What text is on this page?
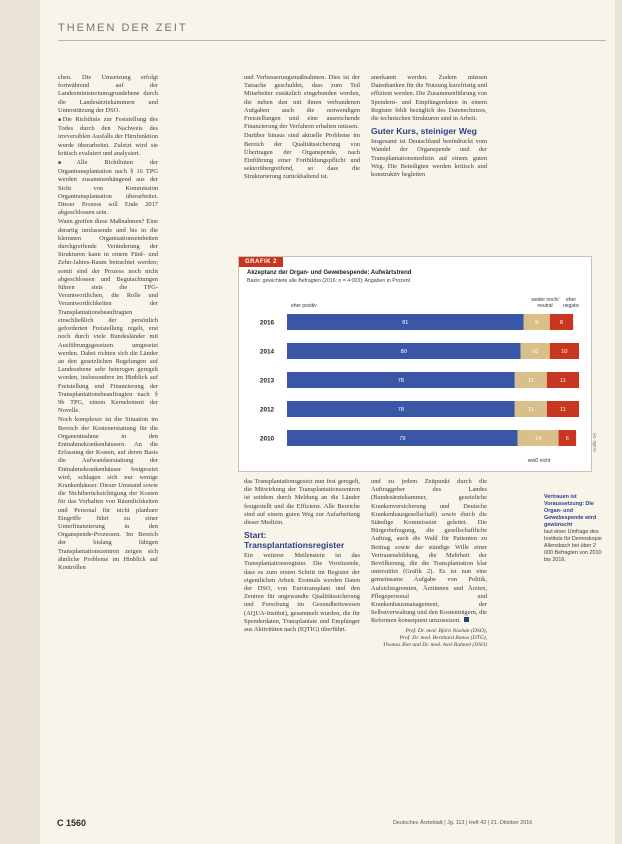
THEMEN DER ZEIT

chen. Die Umsetzung erfolgt fortwährend auf der Landesministeriumsgrundebene durch die Landesärztekammern und Unterstützung der DSO.

■ Die Richtlinie zur Feststellung des Todes durch den Nachweis des irreversiblen Ausfalls der Hirnfunktion wurde überarbeitet. Zuletzt wird sie kritisch evaluiert und analysiert.

■ Alle Richtlinien der Organtransplantation nach § 16 TPG werden zusammenhängend aus der Sicht von Kommission Organtransplantation überarbeitet. Dieser Prozess soll Ende 2017 abgeschlossen sein.

Wann greifen diese Maßnahmen? Eine derartig umfassende und bis in die kleinsten Organisationseinheiten durchgreifende Veränderung der Strukturen kann in einem Fünf- und Zehn-Jahres-Raum betrachtet werden; somit sind der Prozess noch nicht abgeschlossen und Begutachtungen führen stets die TPG-Verantwortlichen, die Rolle und Verantwortlichkeiten der Transplantationsbeauftragten einschließlich der persönlich geforderten Freistellung regelt, erst noch durch viele Bundesländer mit Ausführungsgesetzen umgesetzt werden. Dabei richten sich die Länder an den gesetzlichen Regelungen auf Landesebene sehr heterogen geregelt worden, insbesondere im Hinblick auf Freistellung und Finanzierung der Transplantationsbeauftragten nach § 9b TPG, einem Kernelement der Novelle.

Noch komplexer ist die Situation im Bereich der Kostenerstattung für die Organentnahme in den Entnahmekrankenhäusern. An die Erfassung der Kosten, auf deren Basis die Aufwandserstattung der Entnahmekrankenhäuser festgesetzt wird, schlagen sich nur wenige Krankenhäuser. Dieser Umstand sowie die Nichtberücksichtigung der Kosten für das Vorhalten von Räumlichkeiten und Personal für nicht planbare Eingriffe führt zu einer Unterfinanzierung in den Organspende-Prozessen. Im Bereich der bislang fähigen Transplantationszentren zeigen sich ähnliche Probleme im Hinblick auf Kontrollen

und Verbesserungsmaßnahmen. Dies ist der Tatsache geschuldet, dass zum Teil Mitarbeiter zusätzlich eingebunden werden, die neben den mit ihnen verbundenen Aufgaben auch die notwendigen Freistellungen und eine ausreichende Finanzierung der Verfahren erhalten müssen.

Darüber hinaus sind aktuelle Probleme im Bereich der Qualitätssicherung von Übertragen der Organspende, nach Einführung einer Fortbildungspflicht und sektorübergreifend, so dass die Strukturierung zurückhaltend ist.

anerkannt werden. Zudem müssen Datenbanken für die Nutzung kurzfristig und effizient werden. Die Zusammenführung von Spendern- und Empfängerdaten in einem Register fehlt bezüglich des Datenschutzes, die technischen Strukturen sind in Arbeit.

Guter Kurs, steiniger Weg

Insgesamt ist Deutschland beeindruckt vom Wandel der Organspende und der Transplantationsmedizin auf einem guten Weg. Die Beteiligten werden kritisch und konstruktiv begleiten

GRAFIK 2
Akzeptanz der Organ- und Gewebespende: Aufwärtstrend
Basis: gewichtete alle Befragten (2016: n = 4 003); Angaben in Prozent
eher positiv
weder noch/
neutral
eher
negativ
2016	81	9	8
2014	80	10	10
2013	78	11	11
2012	78	11	11
2010	79	14	6
weiß nicht
Grafik: DÄ

das Transplantationsgesetz nun fest geregelt, die Mitwirkung der Transplantationszentren ist seitdem durch Meldung an die Länder festgestellt und die Effizienz. Alle Bereiche sind auf einem guten Weg zur Aufarbeitung dieser Medizin.

Start: Transplantationsregister

Ein weiterer Meilenstein ist das Transplantationsregister. Die Vorsitzende, dass es zum ersten Schritt im Register der eigentlichen Arbeit. Erstmals werden Daten der DSO, von Eurotransplant und den Zentren für angewandte Qualitätssicherung und Forschung im Gesundheitswesen (AQUA-Institut), gesammelt wurden, die für Spenderdaten, Transplantate und Empfänger aus Aktivitäten nach (IQTIG) überführt.

und zu jedem Zeitpunkt durch die Auftraggeber des Landes (Bundesärztekammer, gesetzliche Krankenversicherung und Deutsche Krankenhausgesellschaft) sowie durch die Ständige Kommission geleitet. Die Bürgerbefragung, die gesellschaftliche Auftrag, auch die Wahl für Patienten zu Beitrag sowie der ständige Wille einer Vertrauensbildung, die Mehrheit der Bevölkerung, die die Transplantation klar unterstützt (Grafik 2). Es ist nun eine gemeinsame Aufgabe von Politik, Aufsichtsgremien, Ärztinnen und Ärzten, Pflegepersonal und Krankenhausmanagement, der Selbstverwaltung und den Kostenträgern, die Reformen konsequent umzusetzen.

Prof. Dr. med. Björn Nashan (DSO),
Prof. Dr. med. Bernhard Banas (DTG),
Thomas Biet und Dr. med. Axel Rahmel (DSO)
Vertrauen ist Voraussetzung: Die Organ- und Gewebespende wird gewünscht
laut einer Umfrage des Instituts für Demoskopie Allensbach bei über 2 000 Befragten von 2010 bis 2016.
C 1560	Deutsches Ärzteblatt | Jg. 113 | Heft 42 | 21. Oktober 2016
